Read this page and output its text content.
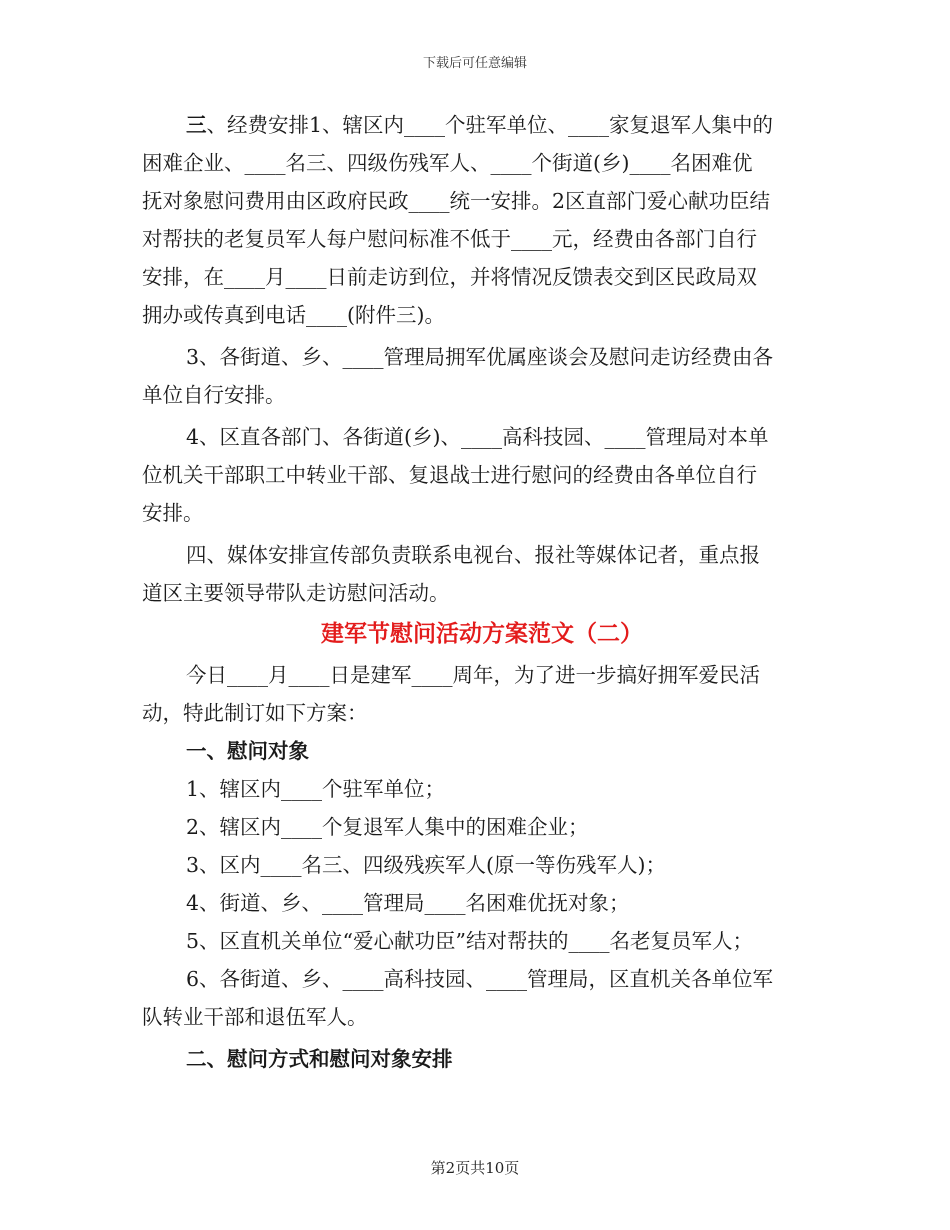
下载后可任意编辑
三、经费安排1、辖区内____个驻军单位、____家复退军人集中的
困难企业、____名三、四级伤残军人、____个街道(乡)____名困难优
抚对象慰问费用由区政府民政____统一安排。2区直部门爱心献功臣结
对帮扶的老复员军人每户慰问标准不低于____元，经费由各部门自行
安排，在____月____日前走访到位，并将情况反馈表交到区民政局双
拥办或传真到电话____(附件三)。
3、各街道、乡、____管理局拥军优属座谈会及慰问走访经费由各
单位自行安排。
4、区直各部门、各街道(乡)、____高科技园、____管理局对本单
位机关干部职工中转业干部、复退战士进行慰问的经费由各单位自行
安排。
四、媒体安排宣传部负责联系电视台、报社等媒体记者，重点报
道区主要领导带队走访慰问活动。
建军节慰问活动方案范文（二）
今日____月____日是建军____周年，为了进一步搞好拥军爱民活
动，特此制订如下方案：
一、慰问对象
1、辖区内____个驻军单位；
2、辖区内____个复退军人集中的困难企业；
3、区内____名三、四级残疾军人(原一等伤残军人)；
4、街道、乡、____管理局____名困难优抚对象；
5、区直机关单位“爱心献功臣”结对帮扶的____名老复员军人；
6、各街道、乡、____高科技园、____管理局，区直机关各单位军
队转业干部和退伍军人。
二、慰问方式和慰问对象安排
第2页共10页
